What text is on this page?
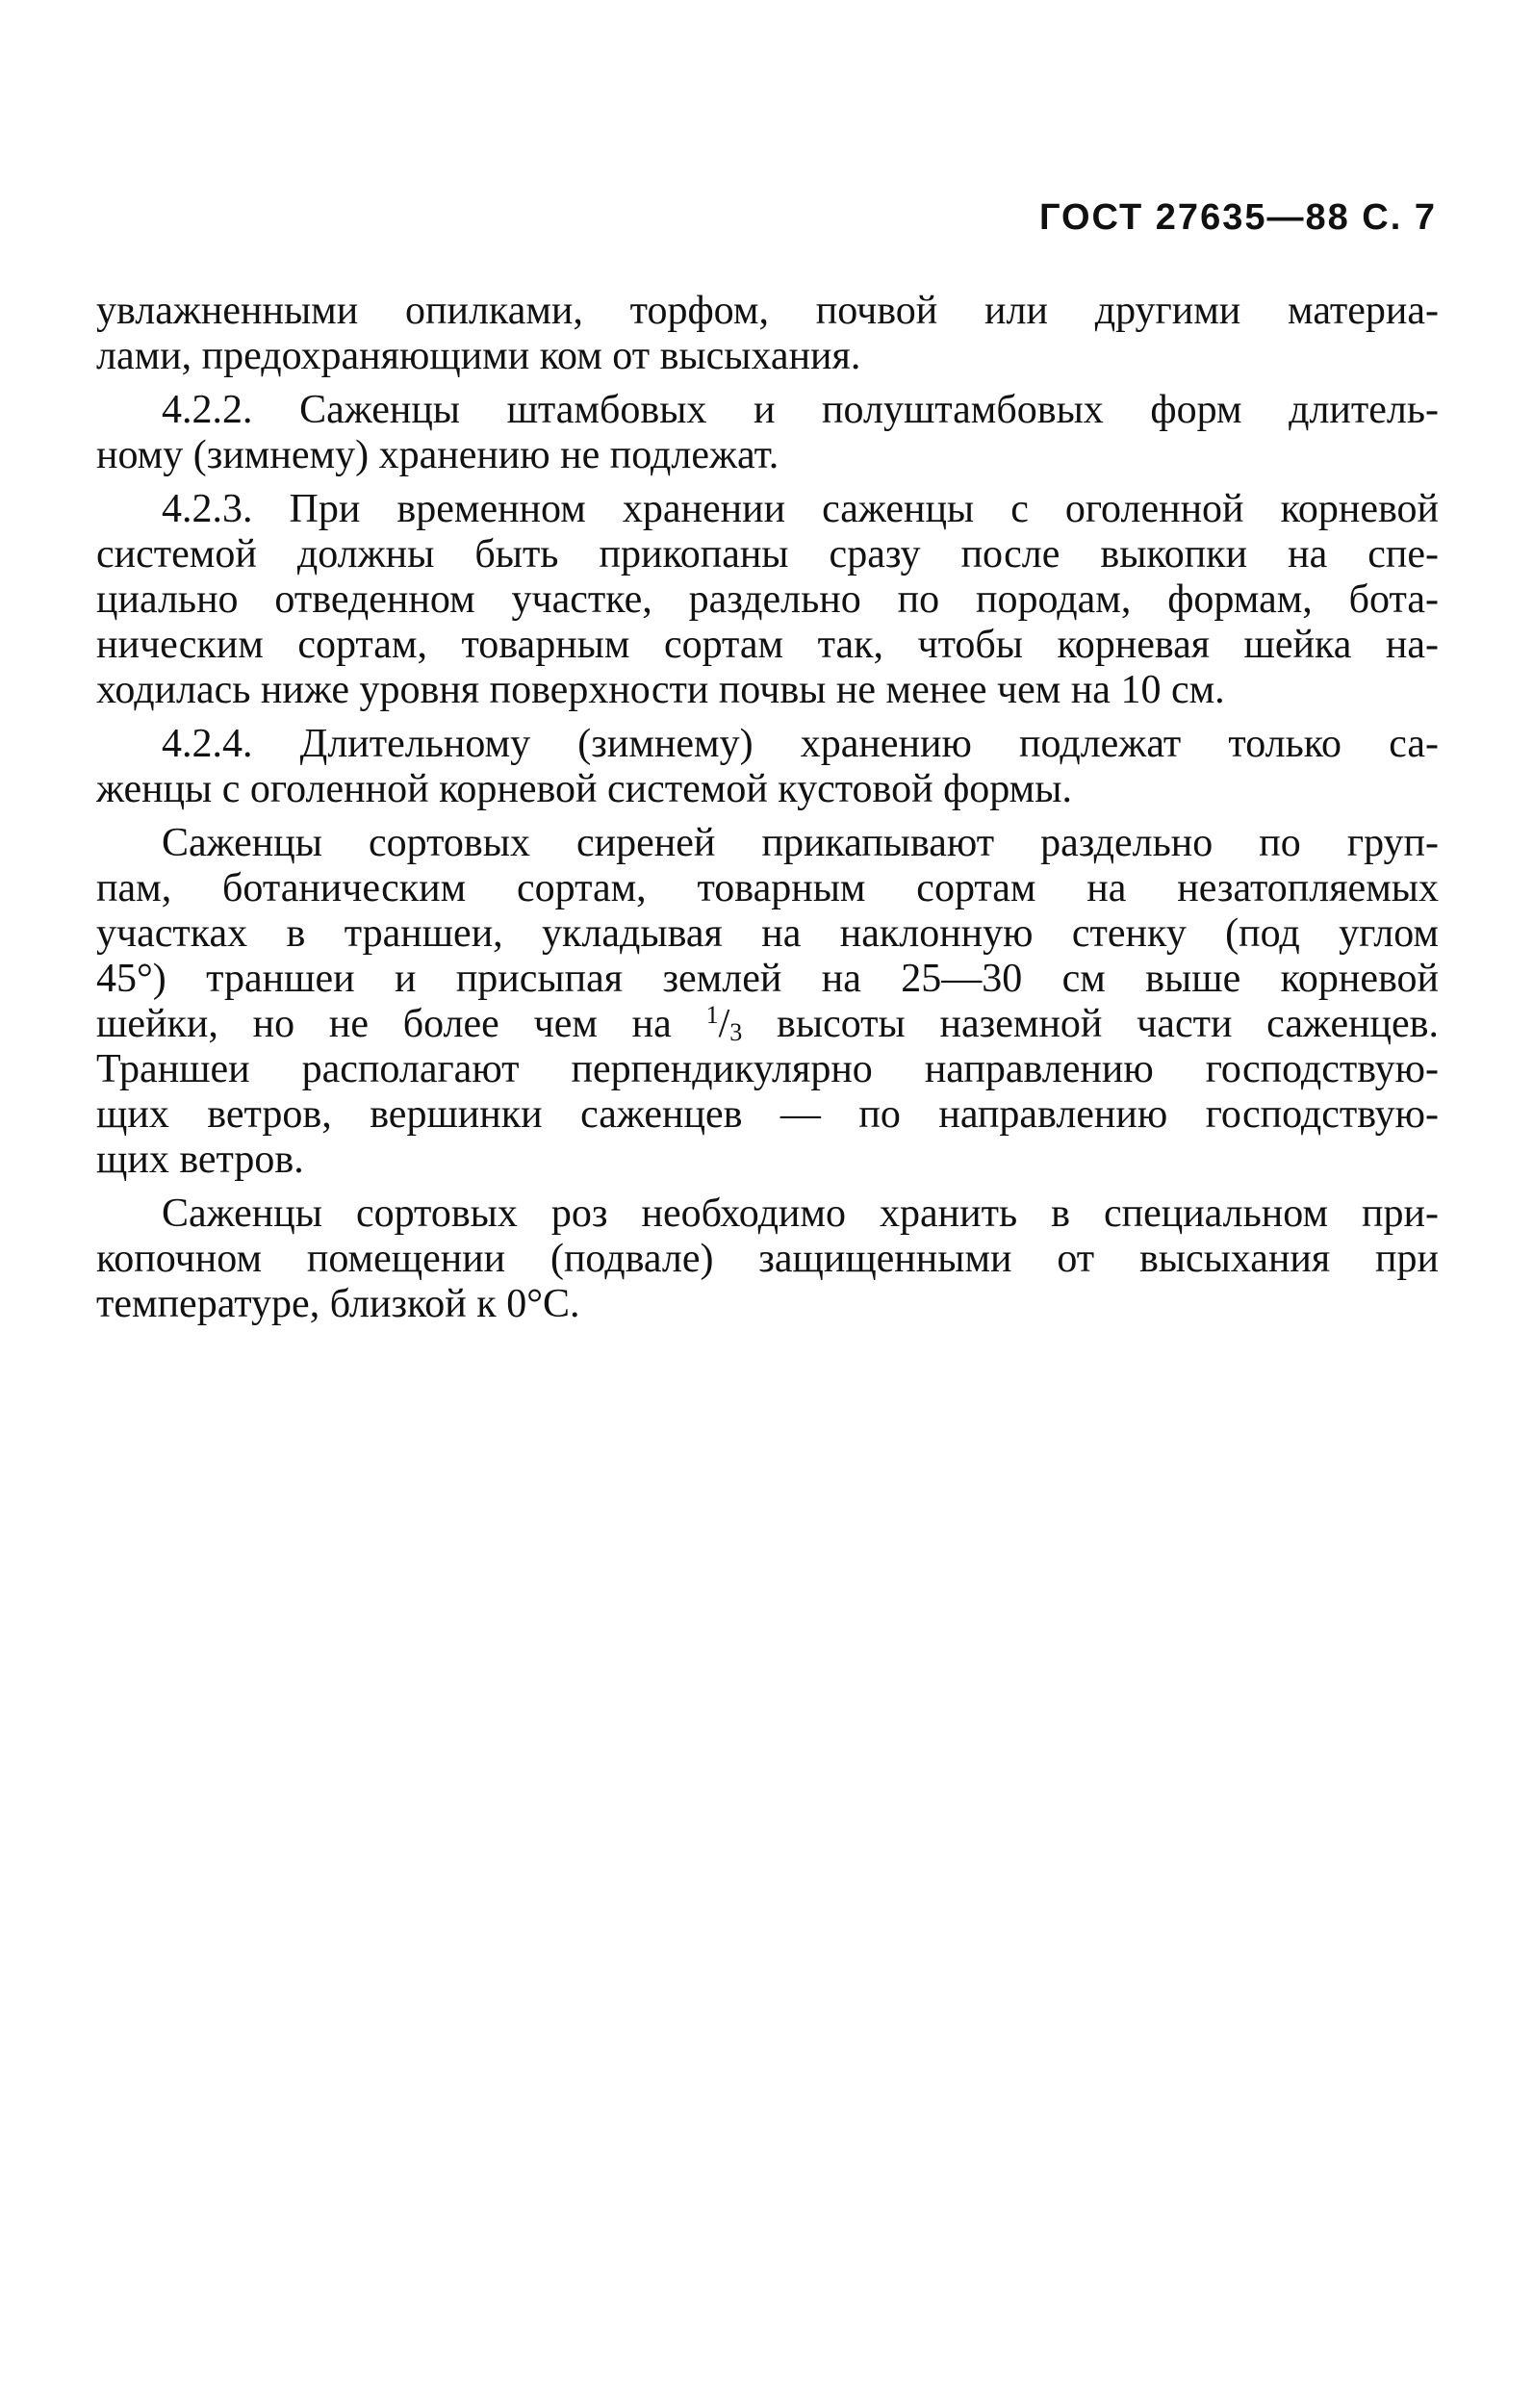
ГОСТ 27635—88 С. 7
увлажненными опилками, торфом, почвой или другими материа-
лами, предохраняющими ком от высыхания.
4.2.2. Саженцы штамбовых и полуштамбовых форм длитель-
ному (зимнему) хранению не подлежат.
4.2.3. При временном хранении саженцы с оголенной корневой
системой должны быть прикопаны сразу после выкопки на спе-
циально отведенном участке, раздельно по породам, формам, бота-
ническим сортам, товарным сортам так, чтобы корневая шейка на-
ходилась ниже уровня поверхности почвы не менее чем на 10 см.
4.2.4. Длительному (зимнему) хранению подлежат только са-
женцы с оголенной корневой системой кустовой формы.
Саженцы сортовых сиреней прикапывают раздельно по груп-
пам, ботаническим сортам, товарным сортам на незатопляемых
участках в траншеи, укладывая на наклонную стенку (под углом
45°) траншеи и присыпая землей на 25—30 см выше корневой
шейки, но не более чем на $^1/_3$ высоты наземной части саженцев.
Траншеи располагают перпендикулярно направлению господствую-
щих ветров, вершинки саженцев — по направлению господствую-
щих ветров.
Саженцы сортовых роз необходимо хранить в специальном при-
копочном помещении (подвале) защищенными от высыхания при
температуре, близкой к 0°С.
